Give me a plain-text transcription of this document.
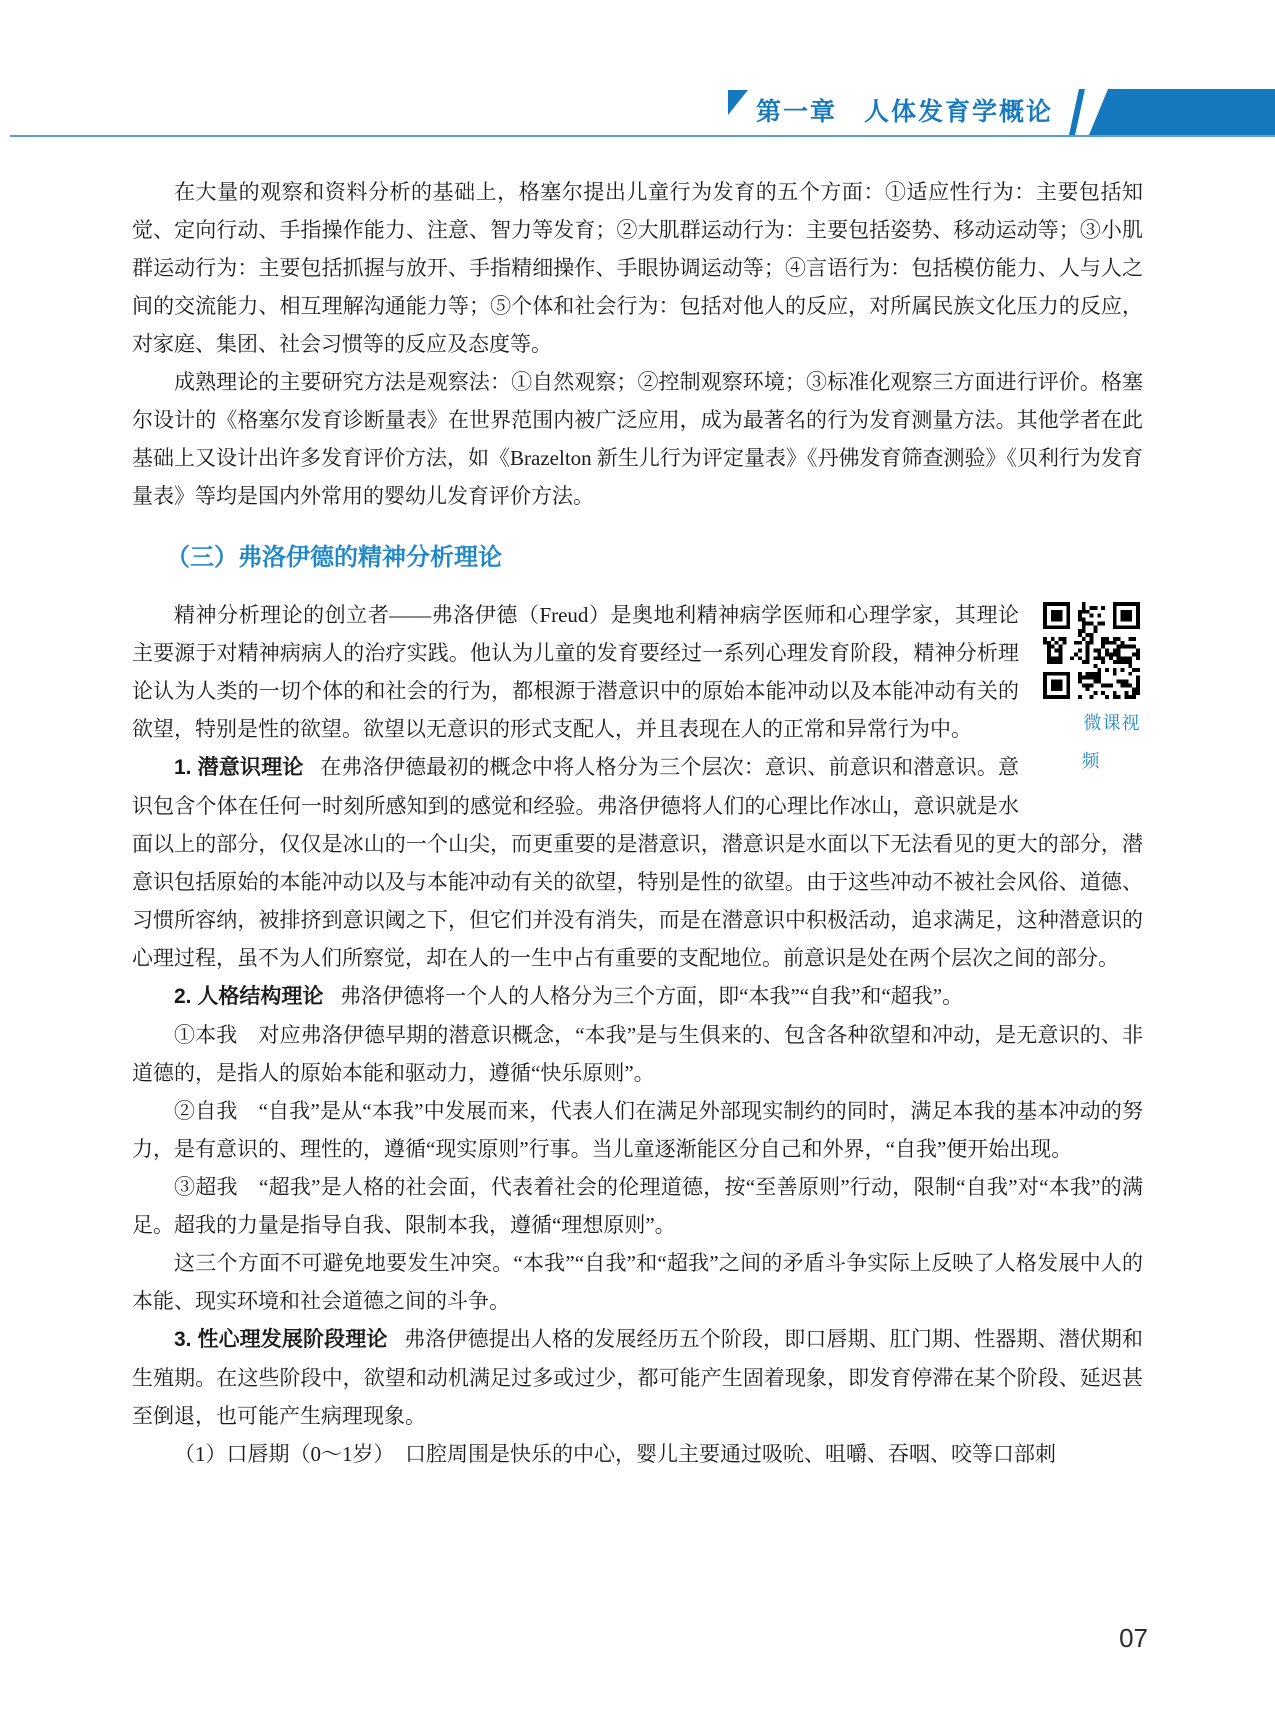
第一章　人体发育学概论

在大量的观察和资料分析的基础上，格塞尔提出儿童行为发育的五个方面：①适应性行为：主要包括知觉、定向行动、手指操作能力、注意、智力等发育；②大肌群运动行为：主要包括姿势、移动运动等；③小肌群运动行为：主要包括抓握与放开、手指精细操作、手眼协调运动等；④言语行为：包括模仿能力、人与人之间的交流能力、相互理解沟通能力等；⑤个体和社会行为：包括对他人的反应，对所属民族文化压力的反应，对家庭、集团、社会习惯等的反应及态度等。

成熟理论的主要研究方法是观察法：①自然观察；②控制观察环境；③标准化观察三方面进行评价。格塞尔设计的《格塞尔发育诊断量表》在世界范围内被广泛应用，成为最著名的行为发育测量方法。其他学者在此基础上又设计出许多发育评价方法，如《Brazelton 新生儿行为评定量表》《丹佛发育筛查测验》《贝利行为发育量表》等均是国内外常用的婴幼儿发育评价方法。

（三）弗洛伊德的精神分析理论
微课视频
精神分析理论的创立者——弗洛伊德（Freud）是奥地利精神病学医师和心理学家，其理论主要源于对精神病病人的治疗实践。他认为儿童的发育要经过一系列心理发育阶段，精神分析理论认为人类的一切个体的和社会的行为，都根源于潜意识中的原始本能冲动以及本能冲动有关的欲望，特别是性的欲望。欲望以无意识的形式支配人，并且表现在人的正常和异常行为中。

1. 潜意识理论 在弗洛伊德最初的概念中将人格分为三个层次：意识、前意识和潜意识。意识包含个体在任何一时刻所感知到的感觉和经验。弗洛伊德将人们的心理比作冰山，意识就是水面以上的部分，仅仅是冰山的一个山尖，而更重要的是潜意识，潜意识是水面以下无法看见的更大的部分，潜意识包括原始的本能冲动以及与本能冲动有关的欲望，特别是性的欲望。由于这些冲动不被社会风俗、道德、习惯所容纳，被排挤到意识阈之下，但它们并没有消失，而是在潜意识中积极活动，追求满足，这种潜意识的心理过程，虽不为人们所察觉，却在人的一生中占有重要的支配地位。前意识是处在两个层次之间的部分。

2. 人格结构理论 弗洛伊德将一个人的人格分为三个方面，即“本我”“自我”和“超我”。

①本我　对应弗洛伊德早期的潜意识概念，“本我”是与生俱来的、包含各种欲望和冲动，是无意识的、非道德的，是指人的原始本能和驱动力，遵循“快乐原则”。

②自我　“自我”是从“本我”中发展而来，代表人们在满足外部现实制约的同时，满足本我的基本冲动的努力，是有意识的、理性的，遵循“现实原则”行事。当儿童逐渐能区分自己和外界，“自我”便开始出现。

③超我　“超我”是人格的社会面，代表着社会的伦理道德，按“至善原则”行动，限制“自我”对“本我”的满足。超我的力量是指导自我、限制本我，遵循“理想原则”。

这三个方面不可避免地要发生冲突。“本我”“自我”和“超我”之间的矛盾斗争实际上反映了人格发展中人的本能、现实环境和社会道德之间的斗争。

3. 性心理发展阶段理论 弗洛伊德提出人格的发展经历五个阶段，即口唇期、肛门期、性器期、潜伏期和生殖期。在这些阶段中，欲望和动机满足过多或过少，都可能产生固着现象，即发育停滞在某个阶段、延迟甚至倒退，也可能产生病理现象。

（1）口唇期（0～1岁）　口腔周围是快乐的中心，婴儿主要通过吸吮、咀嚼、吞咽、咬等口部刺

07
